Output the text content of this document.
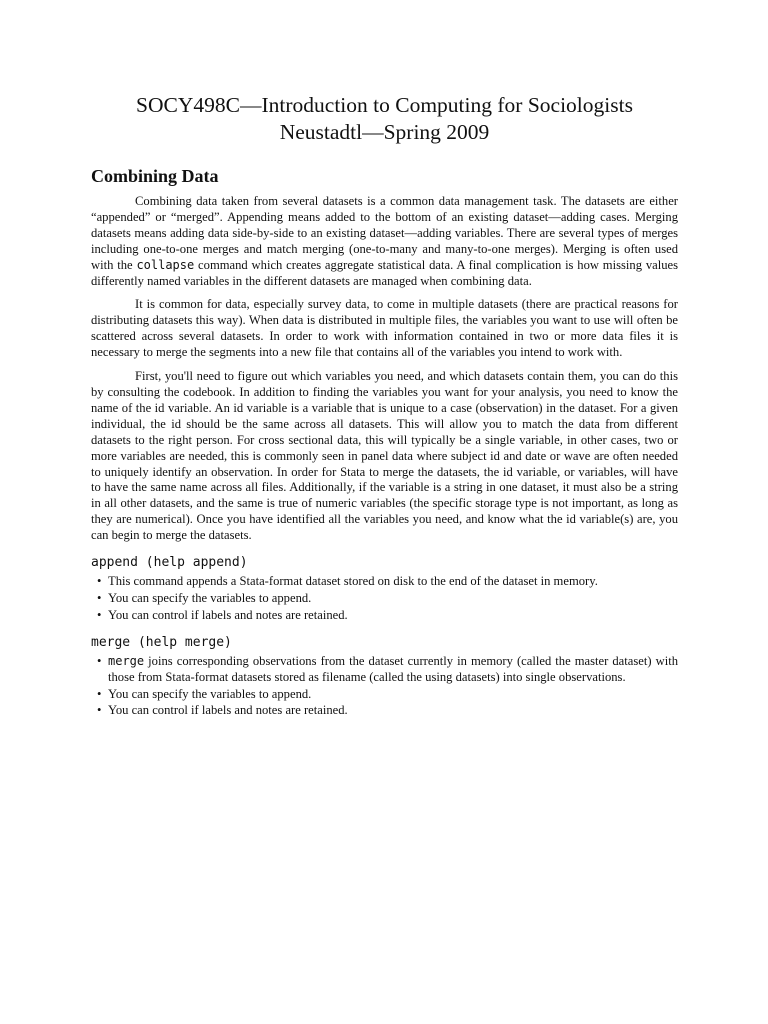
SOCY498C—Introduction to Computing for Sociologists
Neustadtl—Spring 2009
Combining Data

Combining data taken from several datasets is a common data management task. The datasets are either “appended” or “merged”. Appending means added to the bottom of an existing dataset—adding cases. Merging datasets means adding data side-by-side to an existing dataset—adding variables. There are several types of merges including one-to-one merges and match merging (one-to-many and many-to-one merges). Merging is often used with the collapse command which creates aggregate statistical data. A final complication is how missing values differently named variables in the different datasets are managed when combining data.

It is common for data, especially survey data, to come in multiple datasets (there are practical reasons for distributing datasets this way). When data is distributed in multiple files, the variables you want to use will often be scattered across several datasets. In order to work with information contained in two or more data files it is necessary to merge the segments into a new file that contains all of the variables you intend to work with.

First, you'll need to figure out which variables you need, and which datasets contain them, you can do this by consulting the codebook. In addition to finding the variables you want for your analysis, you need to know the name of the id variable. An id variable is a variable that is unique to a case (observation) in the dataset. For a given individual, the id should be the same across all datasets. This will allow you to match the data from different datasets to the right person. For cross sectional data, this will typically be a single variable, in other cases, two or more variables are needed, this is commonly seen in panel data where subject id and date or wave are often needed to uniquely identify an observation. In order for Stata to merge the datasets, the id variable, or variables, will have to have the same name across all files. Additionally, if the variable is a string in one dataset, it must also be a string in all other datasets, and the same is true of numeric variables (the specific storage type is not important, as long as they are numerical). Once you have identified all the variables you need, and know what the id variable(s) are, you can begin to merge the datasets.

append (help append)
• This command appends a Stata-format dataset stored on disk to the end of the dataset in memory.
• You can specify the variables to append.
• You can control if labels and notes are retained.
merge (help merge)
• merge joins corresponding observations from the dataset currently in memory (called the master dataset) with those from Stata-format datasets stored as filename (called the using datasets) into single observations.
• You can specify the variables to append.
• You can control if labels and notes are retained.
